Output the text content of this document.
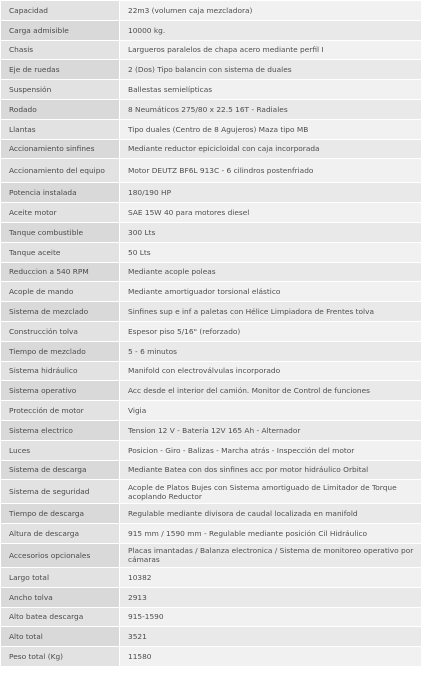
Capacidad	22m3 (volumen caja mezcladora)
Carga admisible	10000 kg.
Chasis	Largueros paralelos de chapa acero mediante perfil I
Eje de ruedas	2 (Dos) Tipo balancin con sistema de duales
Suspensión	Ballestas semielípticas
Rodado	8 Neumáticos 275/80 x 22.5 16T - Radiales
Llantas	Tipo duales (Centro de 8 Agujeros) Maza tipo MB
Accionamiento sinfines	Mediante reductor epicicloidal con caja incorporada
Accionamiento del equipo	Motor DEUTZ BF6L 913C - 6 cilindros postenfriado
Potencia instalada	180/190 HP
Aceite motor	SAE 15W 40 para motores diesel
Tanque combustible	300 Lts
Tanque aceite	50 Lts
Reduccion a 540 RPM	Mediante acople poleas
Acople de mando	Mediante amortiguador torsional elástico
Sistema de mezclado	Sinfines sup e inf a paletas con Hélice Limpiadora de Frentes tolva
Construcción tolva	Espesor piso 5/16" (reforzado)
Tiempo de mezclado	5 - 6 minutos
Sistema hidráulico	Manifold con electroválvulas incorporado
Sistema operativo	Acc desde el interior del camión. Monitor de Control de funciones
Protección de motor	Vigia
Sistema electrico	Tension 12 V - Batería 12V 165 Ah - Alternador
Luces	Posicion - Giro - Balizas - Marcha atrás - Inspección del motor
Sistema de descarga	Mediante Batea con dos sinfines acc por motor hidráulico Orbital
Sistema de seguridad	Acople de Platos Bujes con Sistema amortiguado de Limitador de Torque acoplando Reductor
Tiempo de descarga	Regulable mediante divisora de caudal localizada en manifold
Altura de descarga	915 mm / 1590 mm - Regulable mediante posición Cil Hidráulico
Accesorios opcionales	Placas imantadas / Balanza electronica / Sistema de monitoreo operativo por cámaras
Largo total	10382
Ancho tolva	2913
Alto batea descarga	915-1590
Alto total	3521
Peso total (Kg)	11580
